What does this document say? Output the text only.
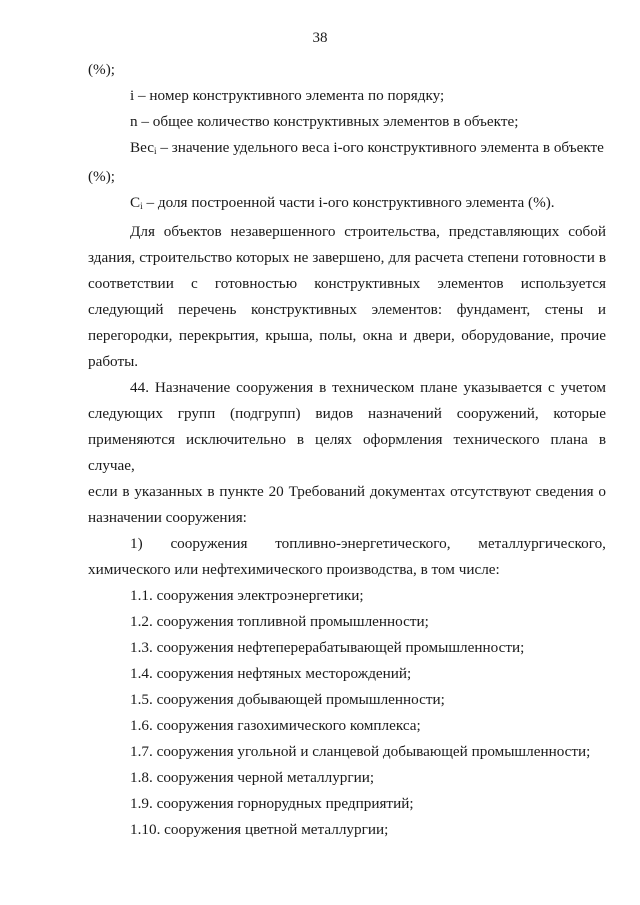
38

(%);

i – номер конструктивного элемента по порядку;

n – общее количество конструктивных элементов в объекте;

Вес$_i$ – значение удельного веса i-ого конструктивного элемента в объекте

(%);

$С_i$ – доля построенной части i-ого конструктивного элемента (%).

Для объектов незавершенного строительства, представляющих собой

здания, строительство которых не завершено, для расчета степени готовности в

соответствии с готовностью конструктивных элементов используется

следующий перечень конструктивных элементов: фундамент, стены и

перегородки, перекрытия, крыша, полы, окна и двери, оборудование, прочие

работы.

44. Назначение сооружения в техническом плане указывается с учетом

следующих групп (подгрупп) видов назначений сооружений, которые

применяются исключительно в целях оформления технического плана в случае,

если в указанных в пункте 20 Требований документах отсутствуют сведения о

назначении сооружения:

1) сооружения топливно-энергетического, металлургического,

химического или нефтехимического производства, в том числе:

1.1. сооружения электроэнергетики;

1.2. сооружения топливной промышленности;

1.3. сооружения нефтеперерабатывающей промышленности;

1.4. сооружения нефтяных месторождений;

1.5. сооружения добывающей промышленности;

1.6. сооружения газохимического комплекса;

1.7. сооружения угольной и сланцевой добывающей промышленности;

1.8. сооружения черной металлургии;

1.9. сооружения горнорудных предприятий;

1.10. сооружения цветной металлургии;
